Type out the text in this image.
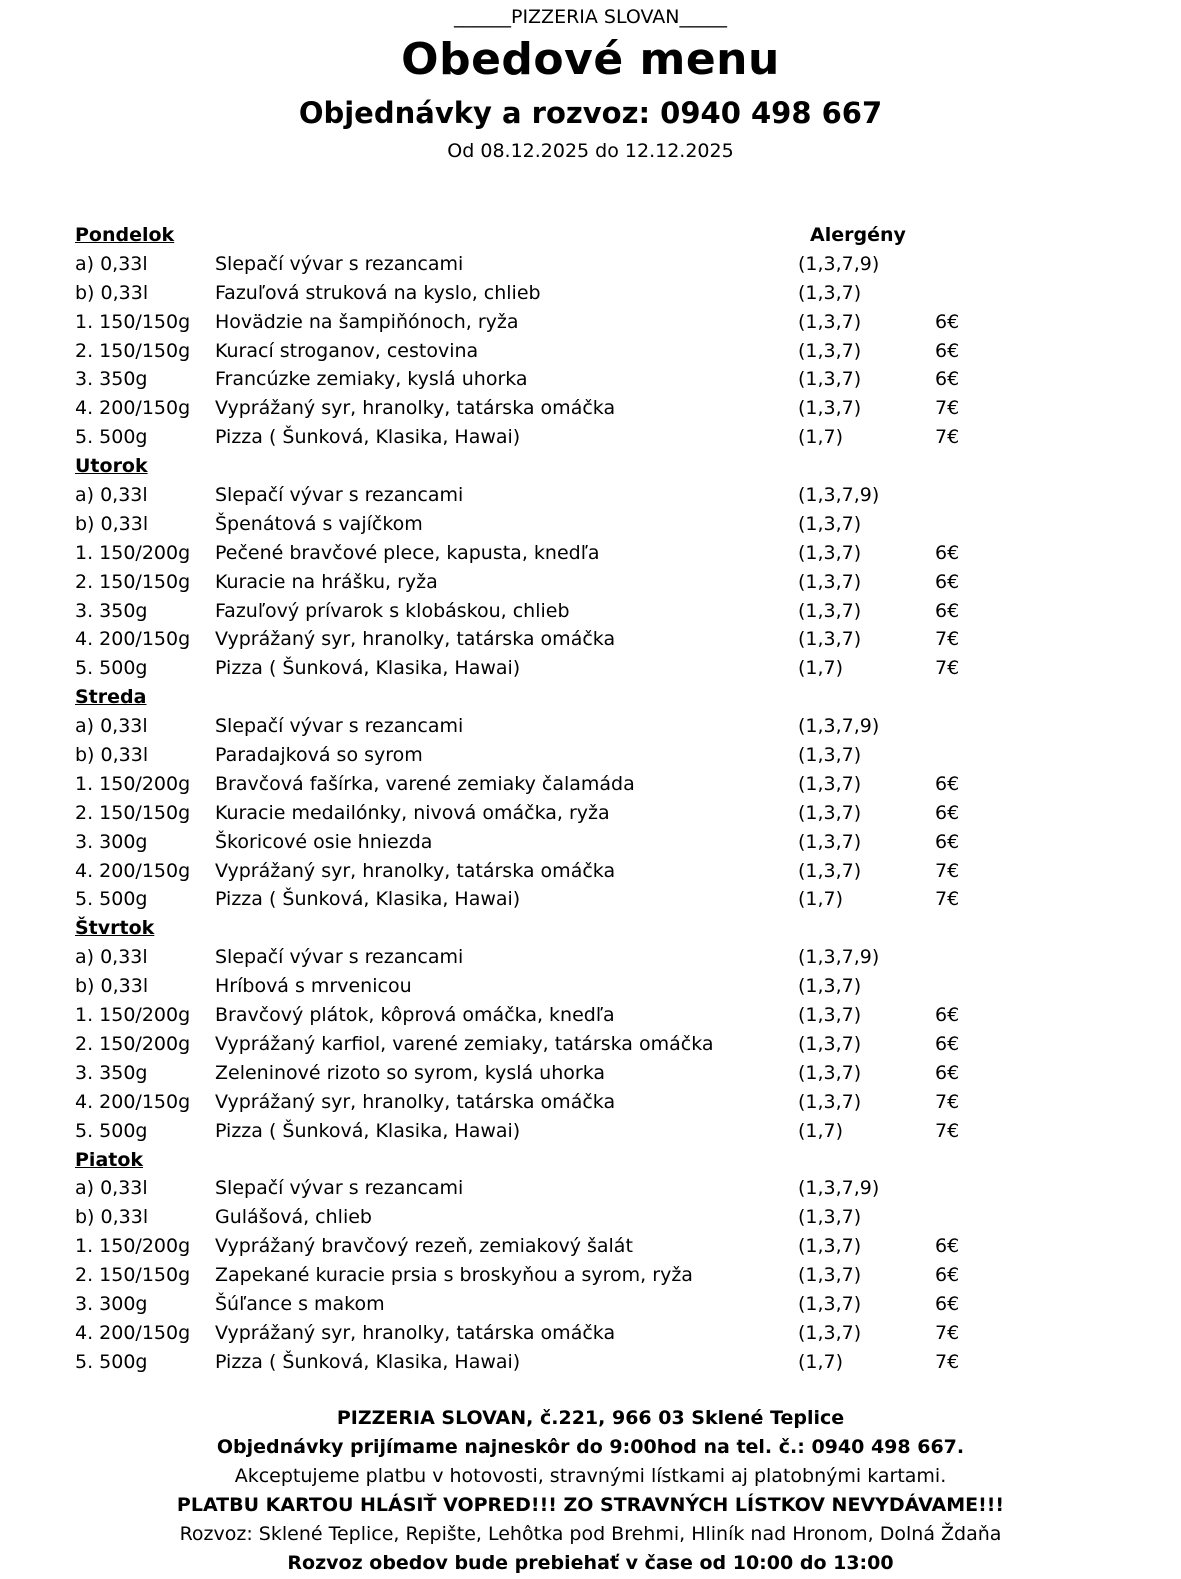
______PIZZERIA SLOVAN_____
Obedové menu
Objednávky a rozvoz: 0940 498 667
Od 08.12.2025 do 12.12.2025
Pondelok	Alergény
a) 0,33l	Slepačí vývar s rezancami	(1,3,7,9)
b) 0,33l	Fazuľová struková na kyslo, chlieb	(1,3,7)
1. 150/150g Hovädzie na šampiňónoch, ryža	(1,3,7)	6€
2. 150/150g Kurací stroganov, cestovina	(1,3,7)	6€
3. 350g	Francúzke zemiaky, kyslá uhorka	(1,3,7)	6€
4. 200/150g Vyprážaný syr, hranolky, tatárska omáčka	(1,3,7)	7€
5. 500g	Pizza ( Šunková, Klasika, Hawai)	(1,7)	7€
Utorok
a) 0,33l	Slepačí vývar s rezancami	(1,3,7,9)
b) 0,33l	Špenátová s vajíčkom	(1,3,7)
1. 150/200g Pečené bravčové plece, kapusta, knedľa	(1,3,7)	6€
2. 150/150g Kuracie na hrášku, ryža	(1,3,7)	6€
3. 350g	Fazuľový prívarok s klobáskou, chlieb	(1,3,7)	6€
4. 200/150g Vyprážaný syr, hranolky, tatárska omáčka	(1,3,7)	7€
5. 500g	Pizza ( Šunková, Klasika, Hawai)	(1,7)	7€
Streda
a) 0,33l	Slepačí vývar s rezancami	(1,3,7,9)
b) 0,33l	Paradajková so syrom	(1,3,7)
1. 150/200g Bravčová fašírka, varené zemiaky čalamáda	(1,3,7)	6€
2. 150/150g Kuracie medailónky, nivová omáčka, ryža	(1,3,7)	6€
3. 300g	Škoricové osie hniezda	(1,3,7)	6€
4. 200/150g Vyprážaný syr, hranolky, tatárska omáčka	(1,3,7)	7€
5. 500g	Pizza ( Šunková, Klasika, Hawai)	(1,7)	7€
Štvrtok
a) 0,33l	Slepačí vývar s rezancami	(1,3,7,9)
b) 0,33l	Hríbová s mrvenicou	(1,3,7)
1. 150/200g Bravčový plátok, kôprová omáčka, knedľa	(1,3,7)	6€
2. 150/200g Vyprážaný karfiol, varené zemiaky, tatárska omáčka	(1,3,7)	6€
3. 350g	Zeleninové rizoto so syrom, kyslá uhorka	(1,3,7)	6€
4. 200/150g Vyprážaný syr, hranolky, tatárska omáčka	(1,3,7)	7€
5. 500g	Pizza ( Šunková, Klasika, Hawai)	(1,7)	7€
Piatok
a) 0,33l	Slepačí vývar s rezancami	(1,3,7,9)
b) 0,33l	Gulášová, chlieb	(1,3,7)
1. 150/200g Vyprážaný bravčový rezeň, zemiakový šalát	(1,3,7)	6€
2. 150/150g Zapekané kuracie prsia s broskyňou a syrom, ryža	(1,3,7)	6€
3. 300g	Šúľance s makom	(1,3,7)	6€
4. 200/150g Vyprážaný syr, hranolky, tatárska omáčka	(1,3,7)	7€
5. 500g	Pizza ( Šunková, Klasika, Hawai)	(1,7)	7€
PIZZERIA SLOVAN, č.221, 966 03 Sklené Teplice
Objednávky prijímame najneskôr do 9:00hod na tel. č.: 0940 498 667.
Akceptujeme platbu v hotovosti, stravnými lístkami aj platobnými kartami.
PLATBU KARTOU HLÁSIŤ VOPRED!!! ZO STRAVNÝCH LÍSTKOV NEVYDÁVAME!!!
Rozvoz: Sklené Teplice, Repište, Lehôtka pod Brehmi, Hliník nad Hronom, Dolná Ždaňa
Rozvoz obedov bude prebiehať v čase od 10:00 do 13:00
